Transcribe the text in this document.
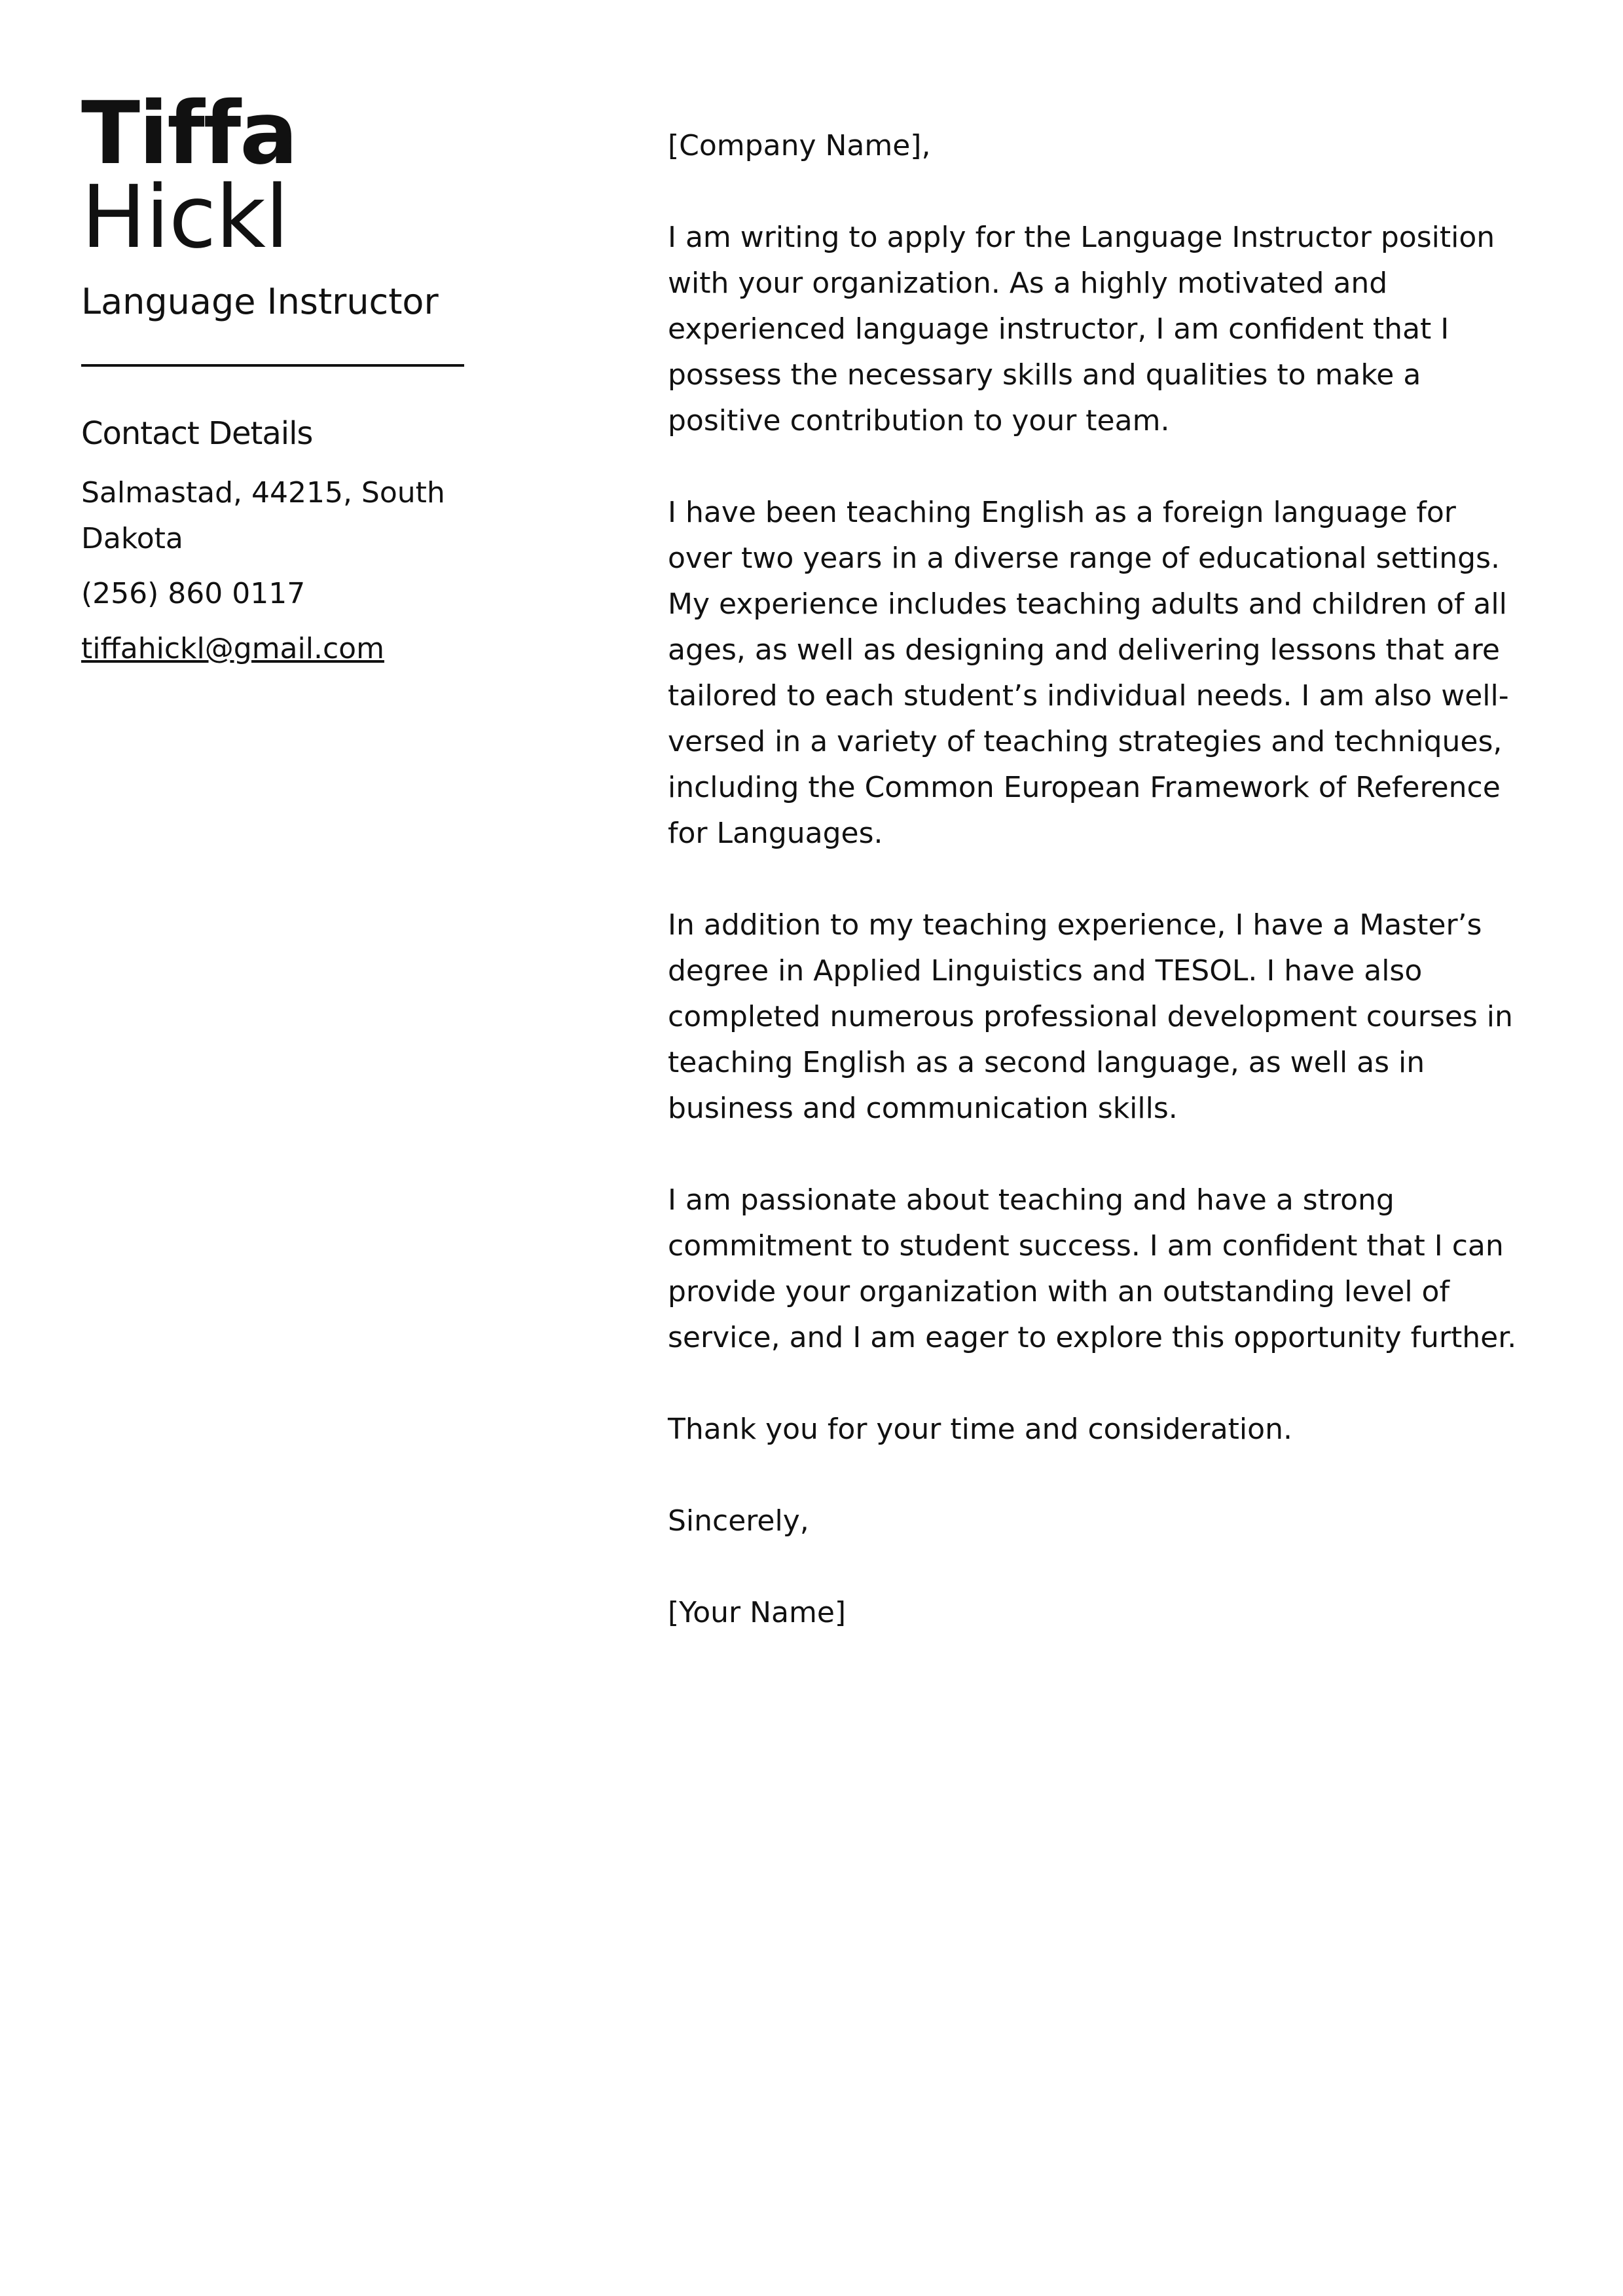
Tiffa
Hickl
Language Instructor
Contact Details
Salmastad, 44215, South Dakota
(256) 860 0117
tiffahickl@gmail.com

[Company Name],

I am writing to apply for the Language Instructor position with your organization. As a highly motivated and experienced language instructor, I am confident that I possess the necessary skills and qualities to make a positive contribution to your team.

I have been teaching English as a foreign language for over two years in a diverse range of educational settings. My experience includes teaching adults and children of all ages, as well as designing and delivering lessons that are tailored to each student’s individual needs. I am also well-versed in a variety of teaching strategies and techniques, including the Common European Framework of Reference for Languages.

In addition to my teaching experience, I have a Master’s degree in Applied Linguistics and TESOL. I have also completed numerous professional development courses in teaching English as a second language, as well as in business and communication skills.

I am passionate about teaching and have a strong commitment to student success. I am confident that I can provide your organization with an outstanding level of service, and I am eager to explore this opportunity further.

Thank you for your time and consideration.

Sincerely,

[Your Name]
